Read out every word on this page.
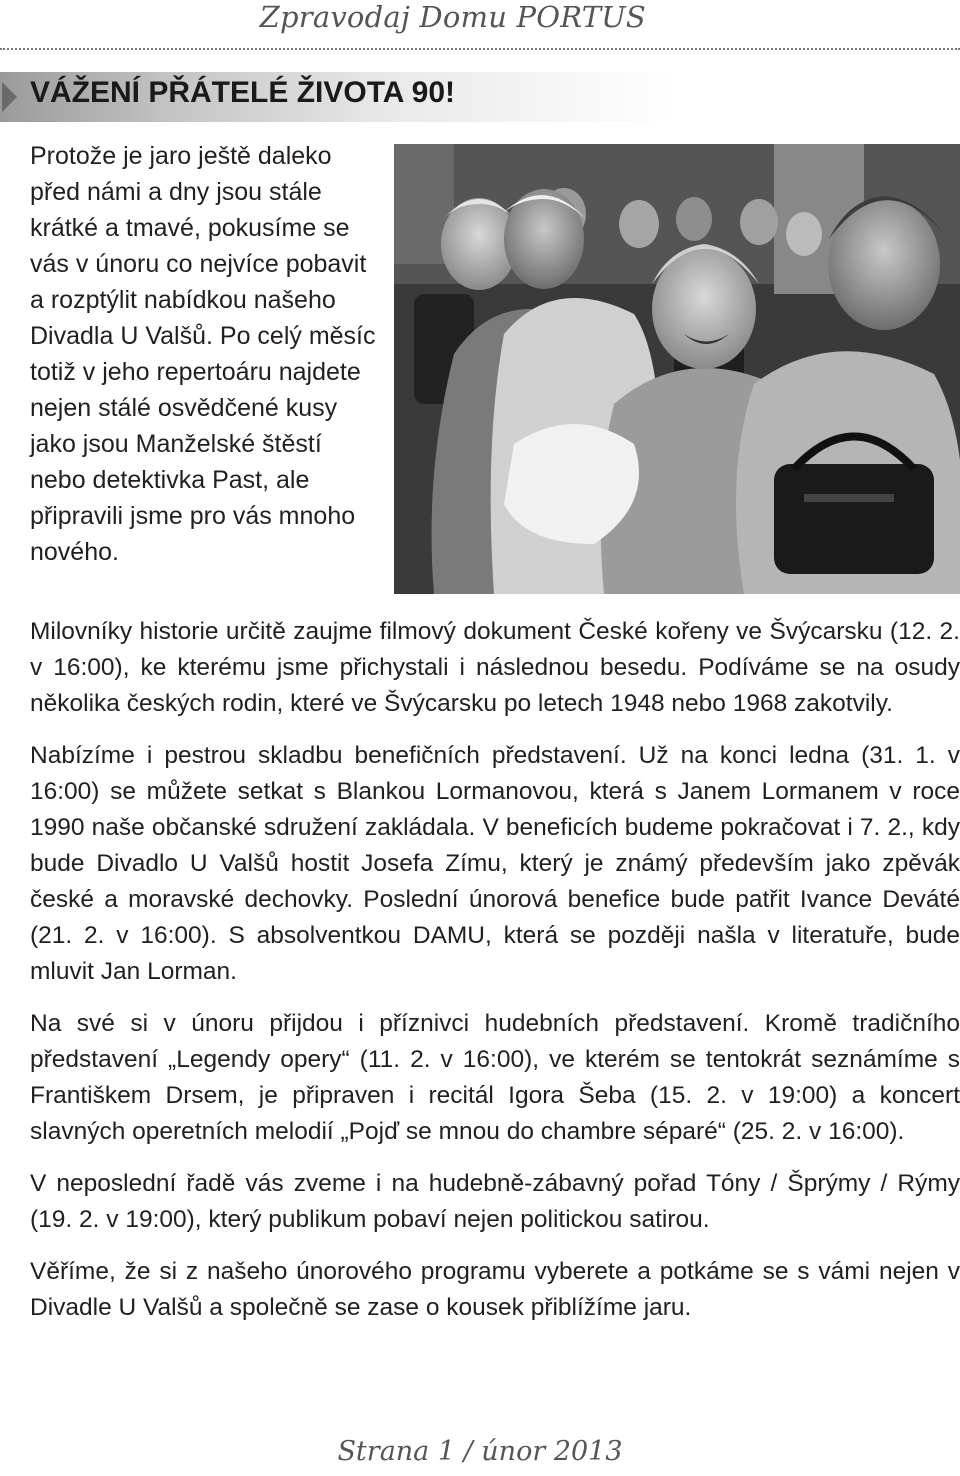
Zpravodaj Domu PORTUS
VÁŽENÍ PŘÁTELÉ ŽIVOTA 90!

Protože je jaro ještě daleko před námi a dny jsou stále krátké a tmavé, pokusíme se vás v únoru co nejvíce pobavit a rozptýlit nabídkou našeho Divadla U Valšů. Po celý měsíc totiž v jeho repertoáru najdete nejen stálé osvědčené kusy jako jsou Manželské štěstí nebo detektivka Past, ale připravili jsme pro vás mnoho nového.

Milovníky historie určitě zaujme filmový dokument České kořeny ve Švýcarsku (12. 2. v 16:00), ke kterému jsme přichystali i následnou besedu. Podíváme se na osudy několika českých rodin, které ve Švýcarsku po letech 1948 nebo 1968 zakotvily.

Nabízíme i pestrou skladbu benefičních představení. Už na konci ledna (31. 1. v 16:00) se můžete setkat s Blankou Lormanovou, která s Janem Lormanem v roce 1990 naše občanské sdružení zakládala. V beneficích budeme pokračovat i 7. 2., kdy bude Divadlo U Valšů hostit Josefa Zímu, který je známý především jako zpěvák české a moravské dechovky. Poslední únorová benefice bude patřit Ivance Deváté (21. 2. v 16:00). S absolventkou DAMU, která se později našla v literatuře, bude mluvit Jan Lorman.

Na své si v únoru přijdou i příznivci hudebních představení. Kromě tradičního představení „Legendy opery“ (11. 2. v 16:00), ve kterém se tentokrát seznámíme s Františkem Drsem, je připraven i recitál Igora Šeba (15. 2. v 19:00) a koncert slavných operetních melodií „Pojď se mnou do chambre séparé“ (25. 2. v 16:00).

V neposlední řadě vás zveme i na hudebně-zábavný pořad Tóny / Šprýmy / Rýmy (19. 2. v 19:00), který publikum pobaví nejen politickou satirou.

Věříme, že si z našeho únorového programu vyberete a potkáme se s vámi nejen v Divadle U Valšů a společně se zase o kousek přiblížíme jaru.

Strana 1 / únor 2013
